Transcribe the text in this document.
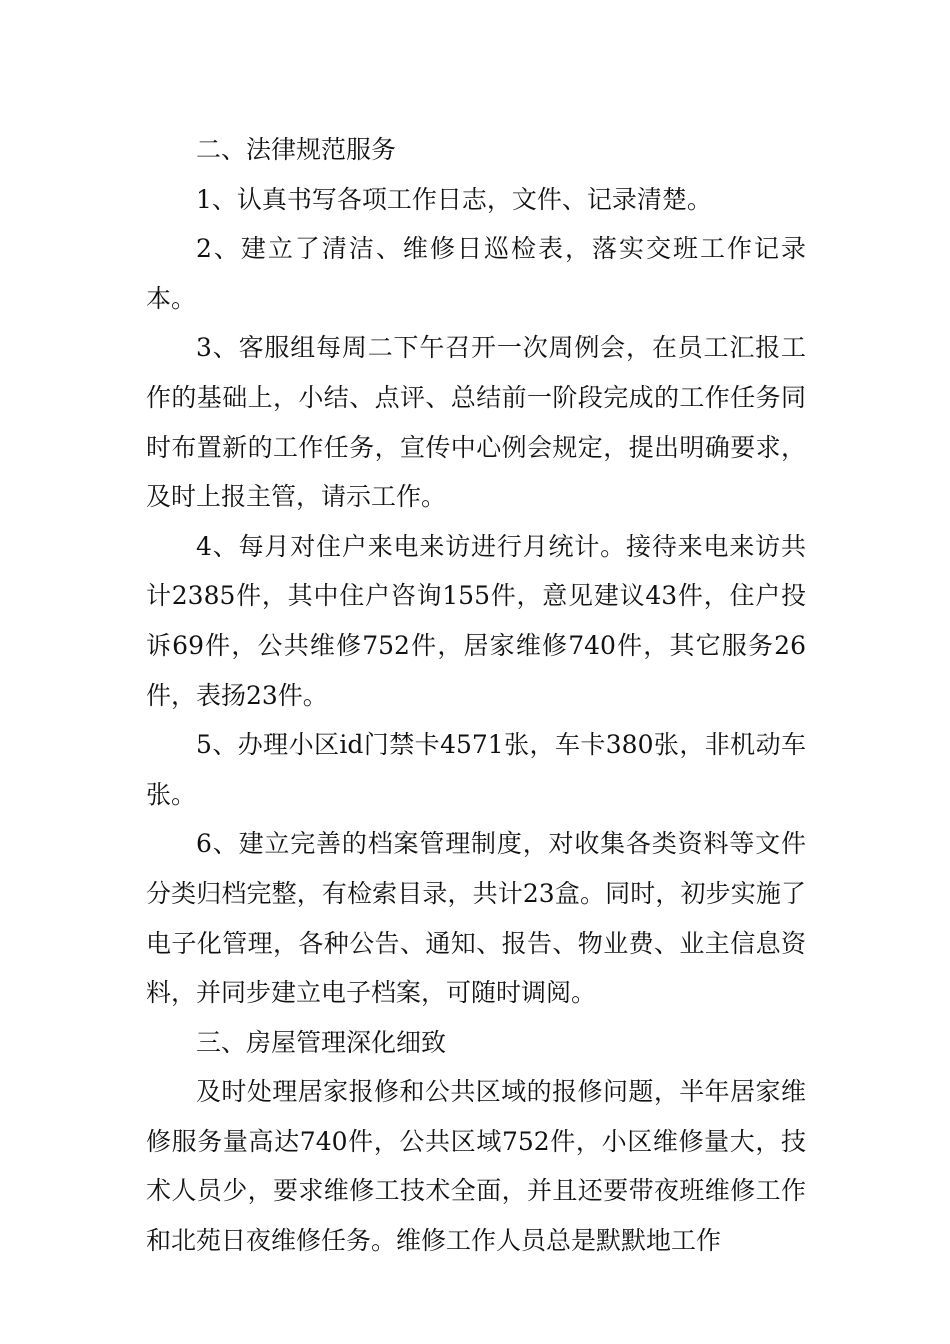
二、法律规范服务

1、认真书写各项工作日志，文件、记录清楚。

2、建立了清洁、维修日巡检表，落实交班工作记录本。

3、客服组每周二下午召开一次周例会，在员工汇报工作的基础上，小结、点评、总结前一阶段完成的工作任务同时布置新的工作任务，宣传中心例会规定，提出明确要求，及时上报主管，请示工作。

4、每月对住户来电来访进行月统计。接待来电来访共计2385件，其中住户咨询155件，意见建议43件，住户投诉69件，公共维修752件，居家维修740件，其它服务26件，表扬23件。

5、办理小区id门禁卡4571张，车卡380张，非机动车张。

6、建立完善的档案管理制度，对收集各类资料等文件分类归档完整，有检索目录，共计23盒。同时，初步实施了电子化管理，各种公告、通知、报告、物业费、业主信息资料，并同步建立电子档案，可随时调阅。

三、房屋管理深化细致

及时处理居家报修和公共区域的报修问题，半年居家维修服务量高达740件，公共区域752件，小区维修量大，技术人员少，要求维修工技术全面，并且还要带夜班维修工作和北苑日夜维修任务。维修工作人员总是默默地工作
